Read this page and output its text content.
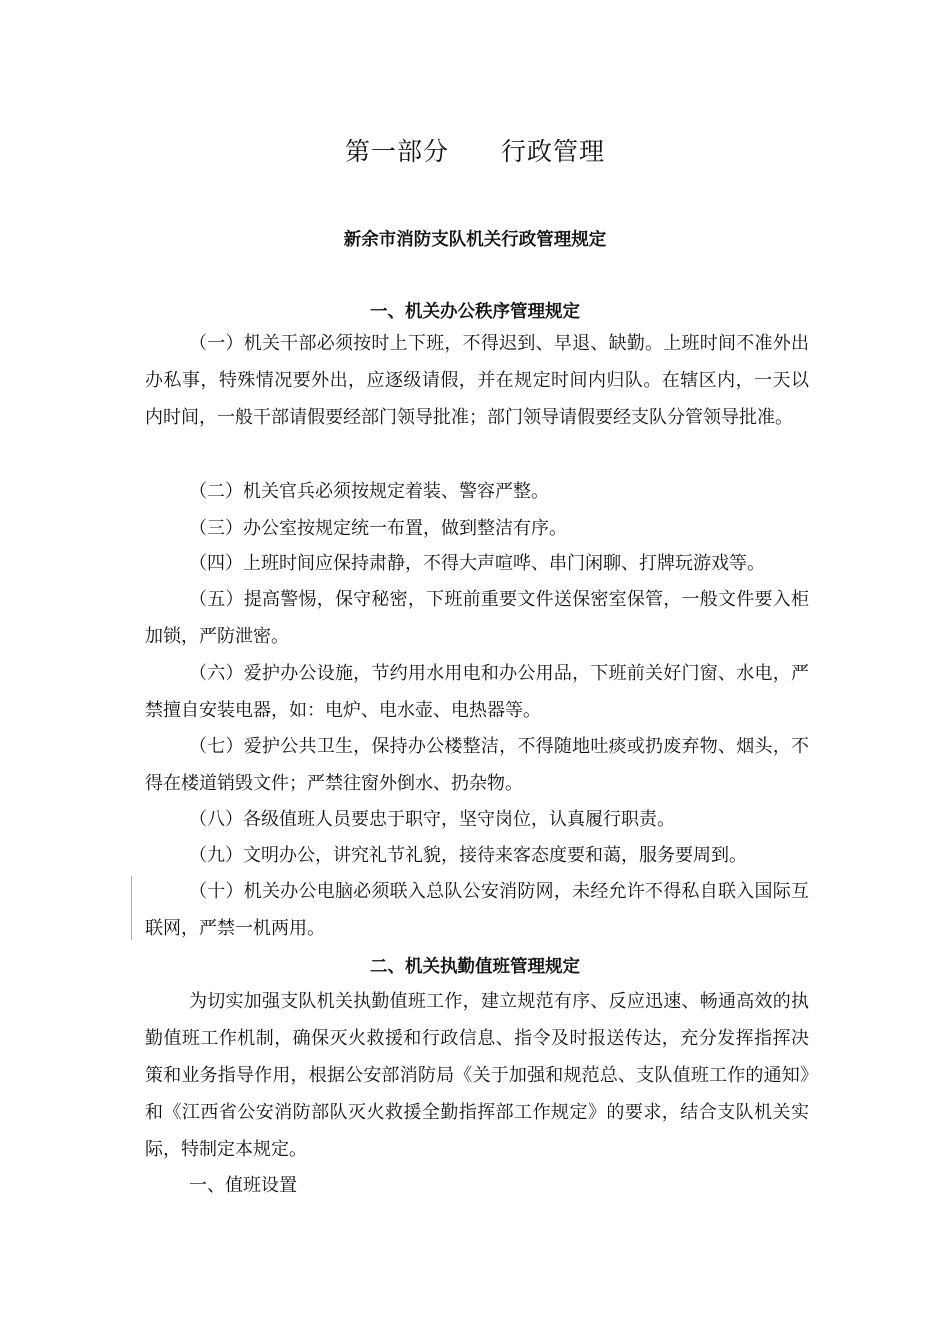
第一部分　　行政管理
新余市消防支队机关行政管理规定
一、机关办公秩序管理规定

（一）机关干部必须按时上下班，不得迟到、早退、缺勤。上班时间不准外出办私事，特殊情况要外出，应逐级请假，并在规定时间内归队。在辖区内，一天以内时间，一般干部请假要经部门领导批准；部门领导请假要经支队分管领导批准。

（二）机关官兵必须按规定着装、警容严整。

（三）办公室按规定统一布置，做到整洁有序。

（四）上班时间应保持肃静，不得大声喧哗、串门闲聊、打牌玩游戏等。

（五）提高警惕，保守秘密，下班前重要文件送保密室保管，一般文件要入柜加锁，严防泄密。

（六）爱护办公设施，节约用水用电和办公用品，下班前关好门窗、水电，严禁擅自安装电器，如：电炉、电水壶、电热器等。

（七）爱护公共卫生，保持办公楼整洁，不得随地吐痰或扔废弃物、烟头，不得在楼道销毁文件；严禁往窗外倒水、扔杂物。

（八）各级值班人员要忠于职守，坚守岗位，认真履行职责。

（九）文明办公，讲究礼节礼貌，接待来客态度要和蔼，服务要周到。

（十）机关办公电脑必须联入总队公安消防网，未经允许不得私自联入国际互联网，严禁一机两用。

二、机关执勤值班管理规定

为切实加强支队机关执勤值班工作，建立规范有序、反应迅速、畅通高效的执勤值班工作机制，确保灭火救援和行政信息、指令及时报送传达，充分发挥指挥决策和业务指导作用，根据公安部消防局《关于加强和规范总、支队值班工作的通知》和《江西省公安消防部队灭火救援全勤指挥部工作规定》的要求，结合支队机关实际，特制定本规定。

一、值班设置
